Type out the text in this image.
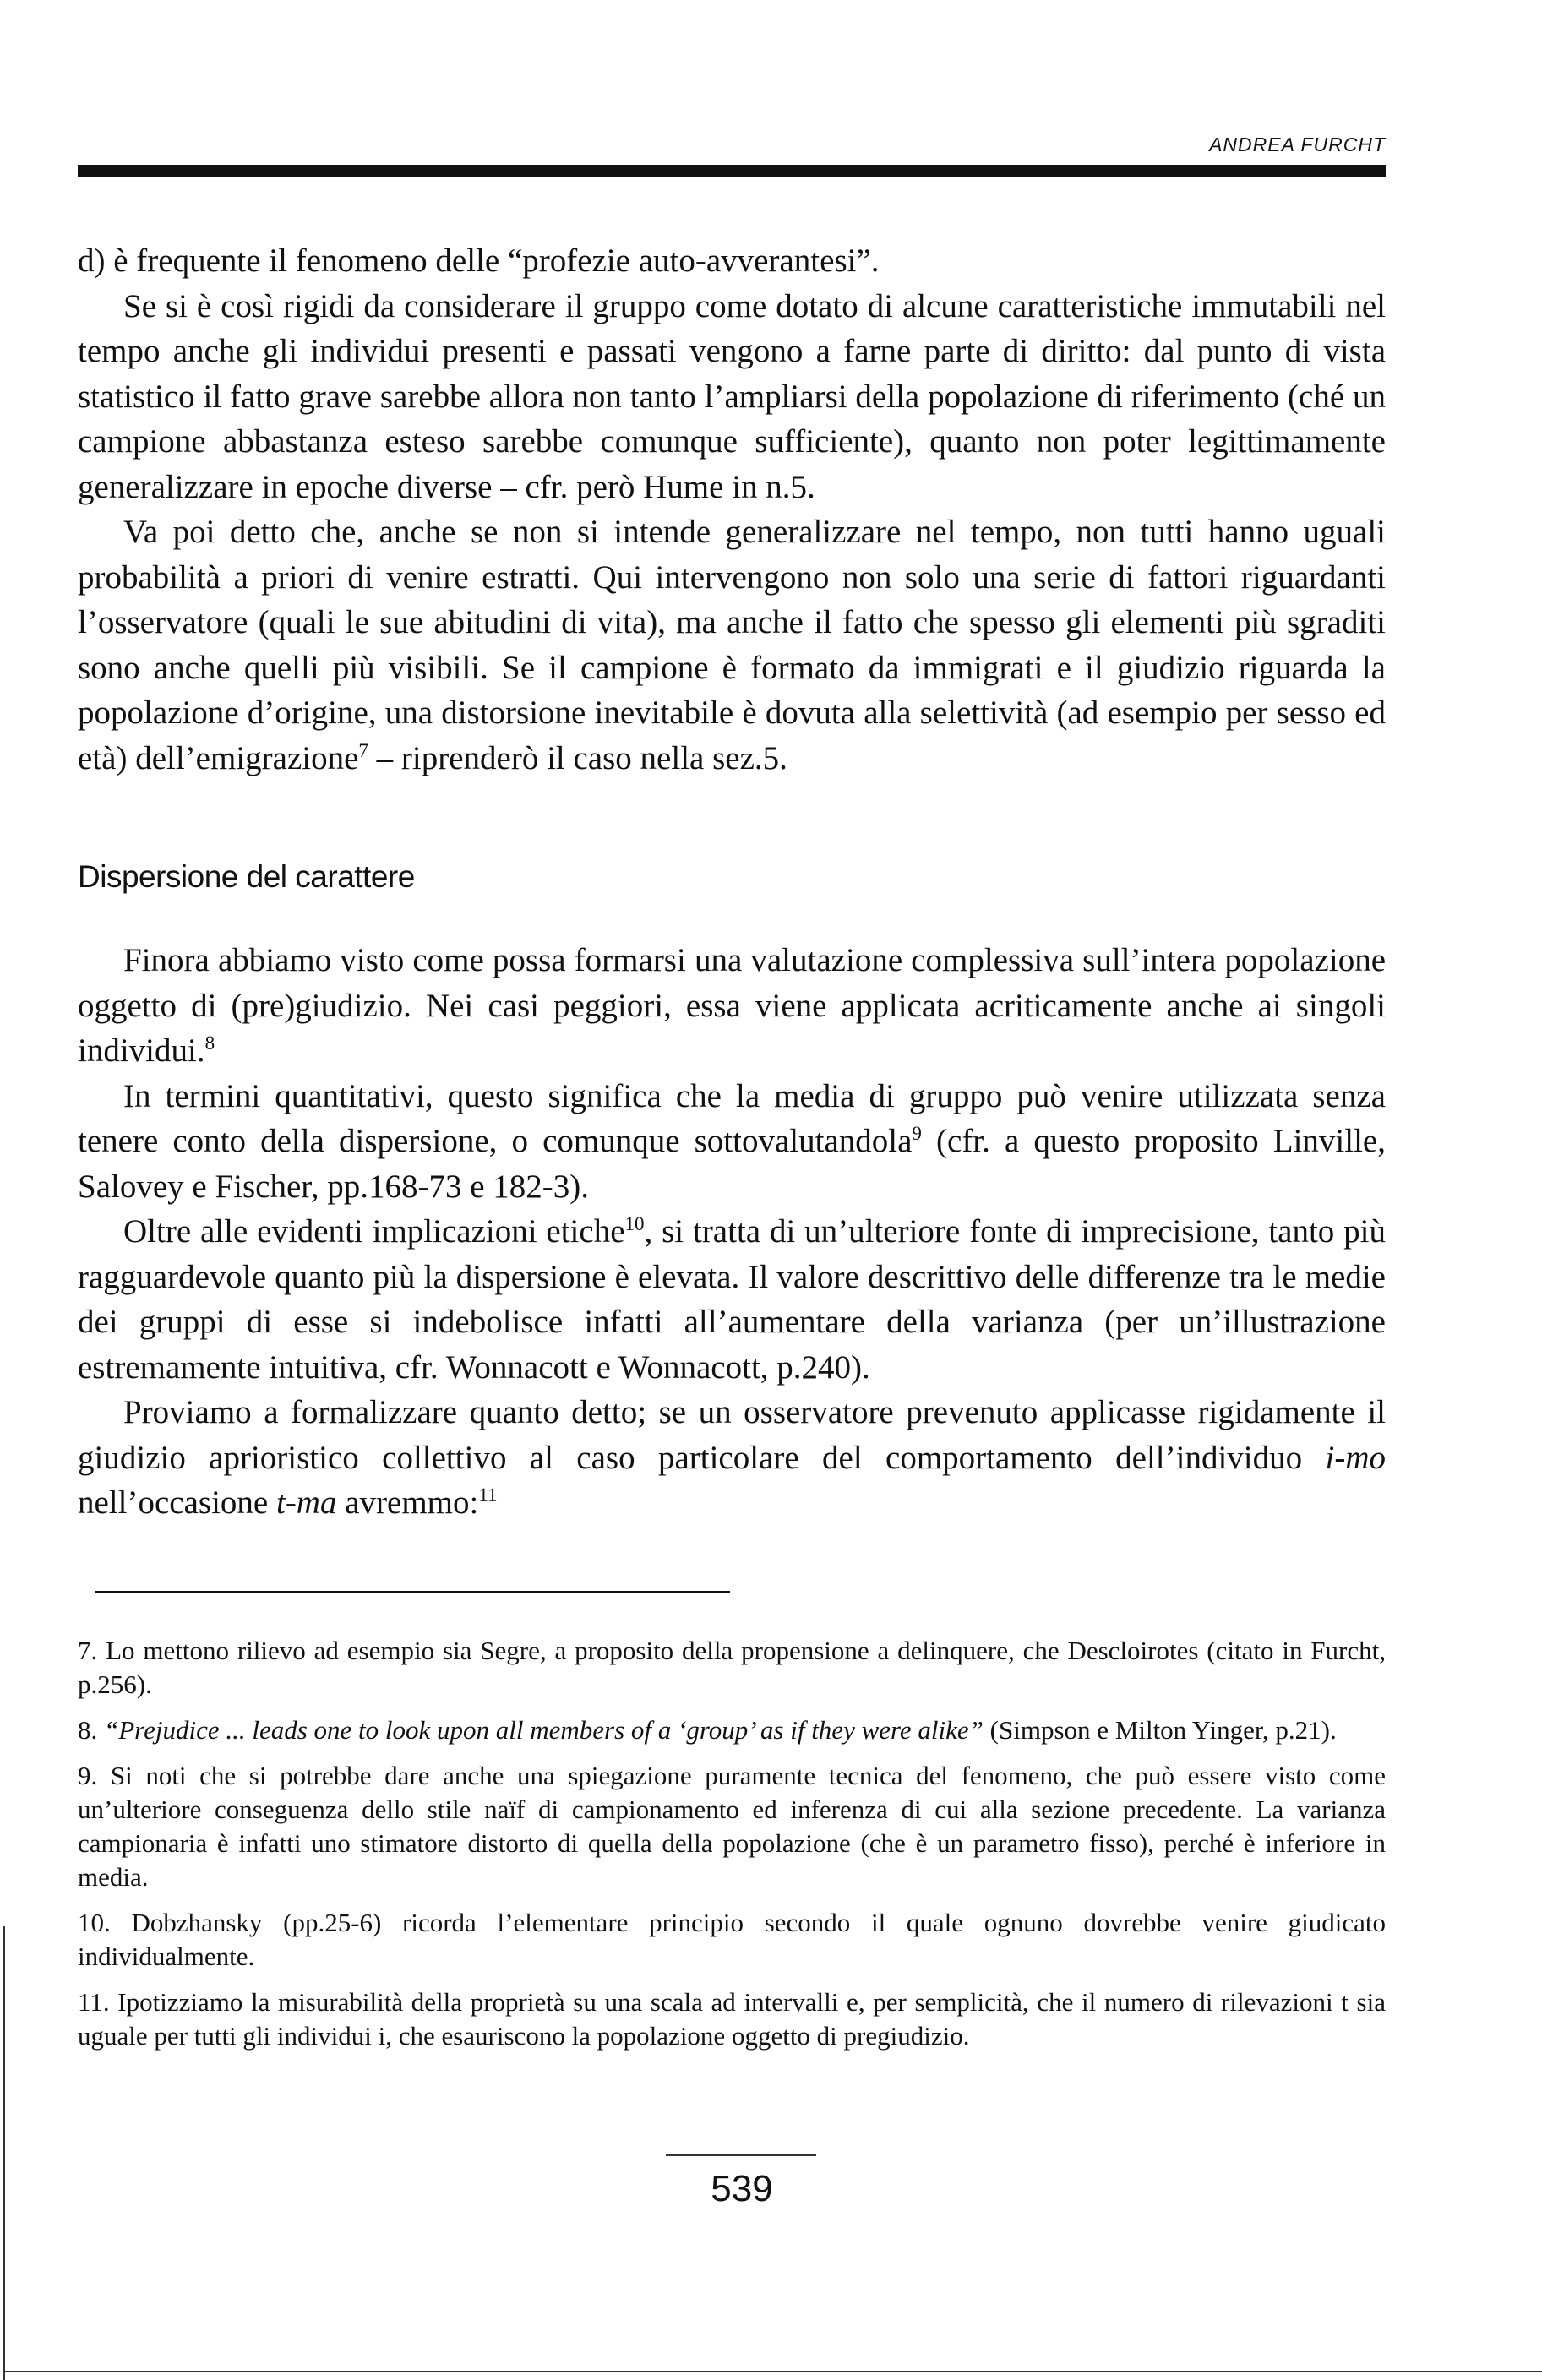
ANDREA FURCHT

d) è frequente il fenomeno delle “profezie auto-avverantesi”.

Se si è così rigidi da considerare il gruppo come dotato di alcune caratteristiche immutabili nel tempo anche gli individui presenti e passati vengono a farne parte di diritto: dal punto di vista statistico il fatto grave sarebbe allora non tanto l’ampliarsi della popolazione di riferimento (ché un campione abbastanza esteso sarebbe comunque sufficiente), quanto non poter legittimamente generalizzare in epoche diverse – cfr. però Hume in n.5.

Va poi detto che, anche se non si intende generalizzare nel tempo, non tutti hanno uguali probabilità a priori di venire estratti. Qui intervengono non solo una serie di fattori riguardanti l’osservatore (quali le sue abitudini di vita), ma anche il fatto che spesso gli elementi più sgraditi sono anche quelli più visibili. Se il campione è formato da immigrati e il giudizio riguarda la popolazione d’origine, una distorsione inevitabile è dovuta alla selettività (ad esempio per sesso ed età) dell’emigrazione$^7$ – riprenderò il caso nella sez.5.

Dispersione del carattere

Finora abbiamo visto come possa formarsi una valutazione complessiva sull’intera popolazione oggetto di (pre)giudizio. Nei casi peggiori, essa viene applicata acriticamente anche ai singoli individui.$^8$

In termini quantitativi, questo significa che la media di gruppo può venire utilizzata senza tenere conto della dispersione, o comunque sottovalutandola$^9$ (cfr. a questo proposito Linville, Salovey e Fischer, pp.168-73 e 182-3).

Oltre alle evidenti implicazioni etiche$^{10}$, si tratta di un’ulteriore fonte di imprecisione, tanto più ragguardevole quanto più la dispersione è elevata. Il valore descrittivo delle differenze tra le medie dei gruppi di esse si indebolisce infatti all’aumentare della varianza (per un’illustrazione estremamente intuitiva, cfr. Wonnacott e Wonnacott, p.240).

Proviamo a formalizzare quanto detto; se un osservatore prevenuto applicasse rigidamente il giudizio aprioristico collettivo al caso particolare del comportamento dell’individuo i-mo nell’occasione t-ma avremmo:$^{11}$

7. Lo mettono rilievo ad esempio sia Segre, a proposito della propensione a delinquere, che Descloirotes (citato in Furcht, p.256).

8. “Prejudice ... leads one to look upon all members of a ‘group’ as if they were alike” (Simpson e Milton Yinger, p.21).

9. Si noti che si potrebbe dare anche una spiegazione puramente tecnica del fenomeno, che può essere visto come un’ulteriore conseguenza dello stile naïf di campionamento ed inferenza di cui alla sezione precedente. La varianza campionaria è infatti uno stimatore distorto di quella della popolazione (che è un parametro fisso), perché è inferiore in media.

10. Dobzhansky (pp.25-6) ricorda l’elementare principio secondo il quale ognuno dovrebbe venire giudicato individualmente.

11. Ipotizziamo la misurabilità della proprietà su una scala ad intervalli e, per semplicità, che il numero di rilevazioni t sia uguale per tutti gli individui i, che esauriscono la popolazione oggetto di pregiudizio.

539
